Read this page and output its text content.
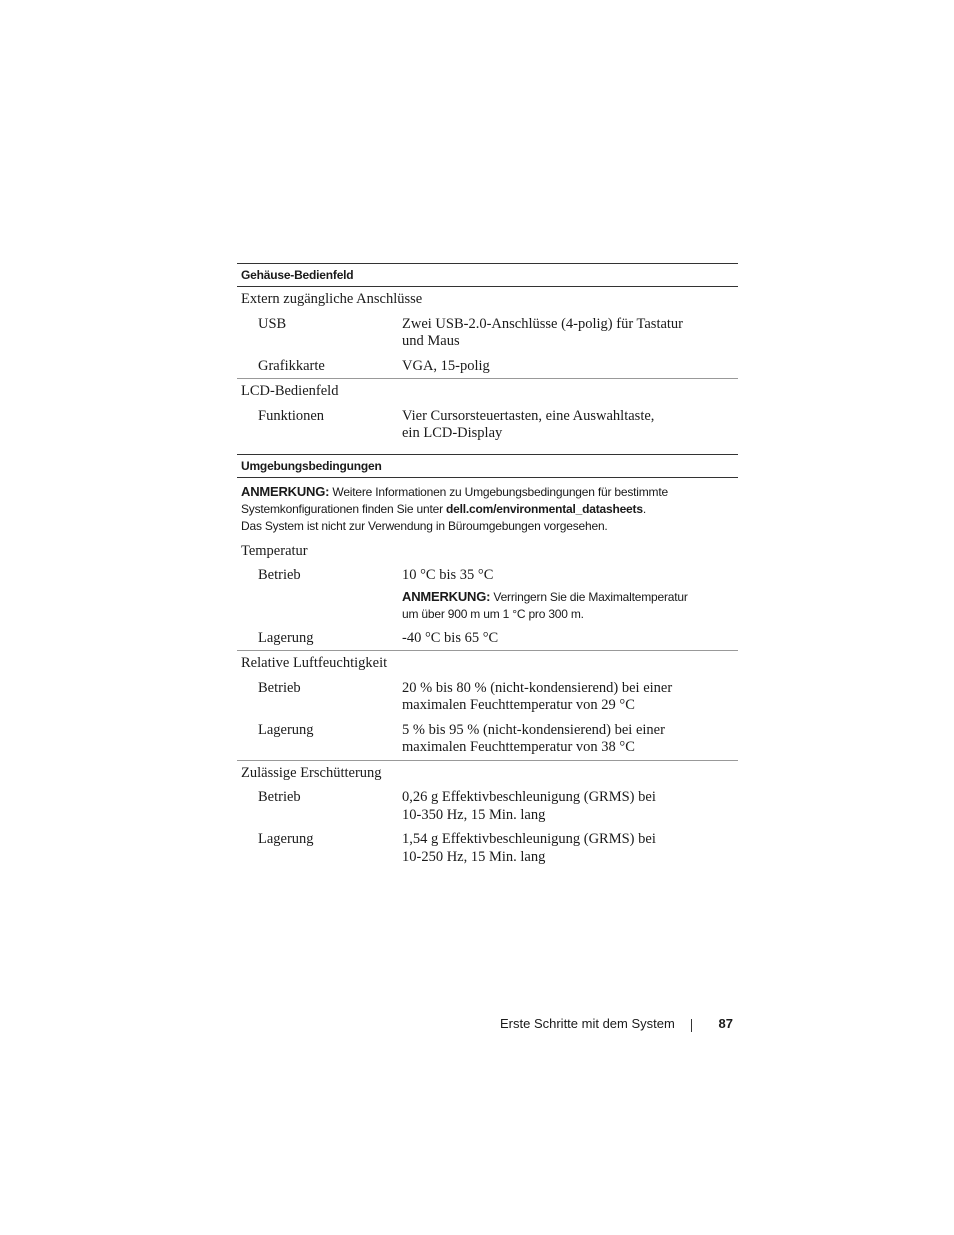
Gehäuse-Bedienfeld
Extern zugängliche Anschlüsse
USB	Zwei USB-2.0-Anschlüsse (4-polig) für Tastatur
und Maus
Grafikkarte	VGA, 15-polig
LCD-Bedienfeld
Funktionen	Vier Cursorsteuertasten, eine Auswahltaste,
ein LCD-Display
Umgebungsbedingungen
ANMERKUNG: Weitere Informationen zu Umgebungsbedingungen für bestimmte
Systemkonfigurationen finden Sie unter dell.com/environmental_datasheets.
Das System ist nicht zur Verwendung in Büroumgebungen vorgesehen.
Temperatur
Betrieb	10 °C bis 35 °C
ANMERKUNG: Verringern Sie die Maximaltemperatur
um über 900 m um 1 °C pro 300 m.
Lagerung	-40 °C bis 65 °C
Relative Luftfeuchtigkeit
Betrieb	20 % bis 80 % (nicht-kondensierend) bei einer
maximalen Feuchttemperatur von 29 °C
Lagerung	5 % bis 95 % (nicht-kondensierend) bei einer
maximalen Feuchttemperatur von 38 °C
Zulässige Erschütterung
Betrieb	0,26 g Effektivbeschleunigung (GRMS) bei
10-350 Hz, 15 Min. lang
Lagerung	1,54 g Effektivbeschleunigung (GRMS) bei
10-250 Hz, 15 Min. lang
Erste Schritte mit dem System	87
